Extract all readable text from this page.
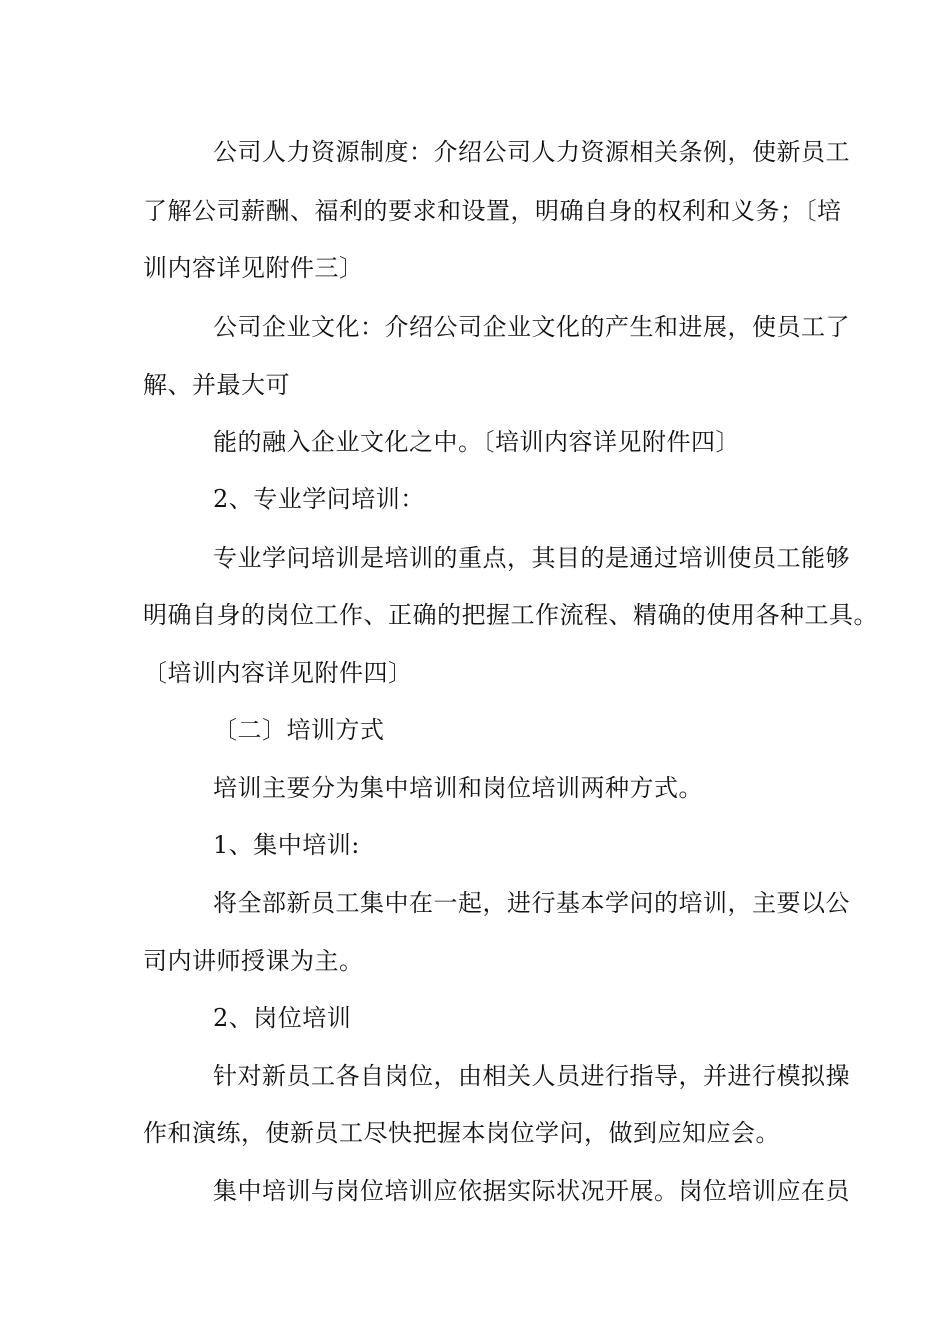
公司人力资源制度：介绍公司人力资源相关条例，使新员工
了解公司薪酬、福利的要求和设置，明确自身的权利和义务；〔培
训内容详见附件三〕
公司企业文化：介绍公司企业文化的产生和进展，使员工了
解、并最大可
能的融入企业文化之中。〔培训内容详见附件四〕
2、专业学问培训：
专业学问培训是培训的重点，其目的是通过培训使员工能够
明确自身的岗位工作、正确的把握工作流程、精确的使用各种工具。
〔培训内容详见附件四〕
〔二〕培训方式
培训主要分为集中培训和岗位培训两种方式。
1、集中培训:
将全部新员工集中在一起，进行基本学问的培训，主要以公
司内讲师授课为主。
2、岗位培训
针对新员工各自岗位，由相关人员进行指导，并进行模拟操
作和演练，使新员工尽快把握本岗位学问，做到应知应会。
集中培训与岗位培训应依据实际状况开展。岗位培训应在员
